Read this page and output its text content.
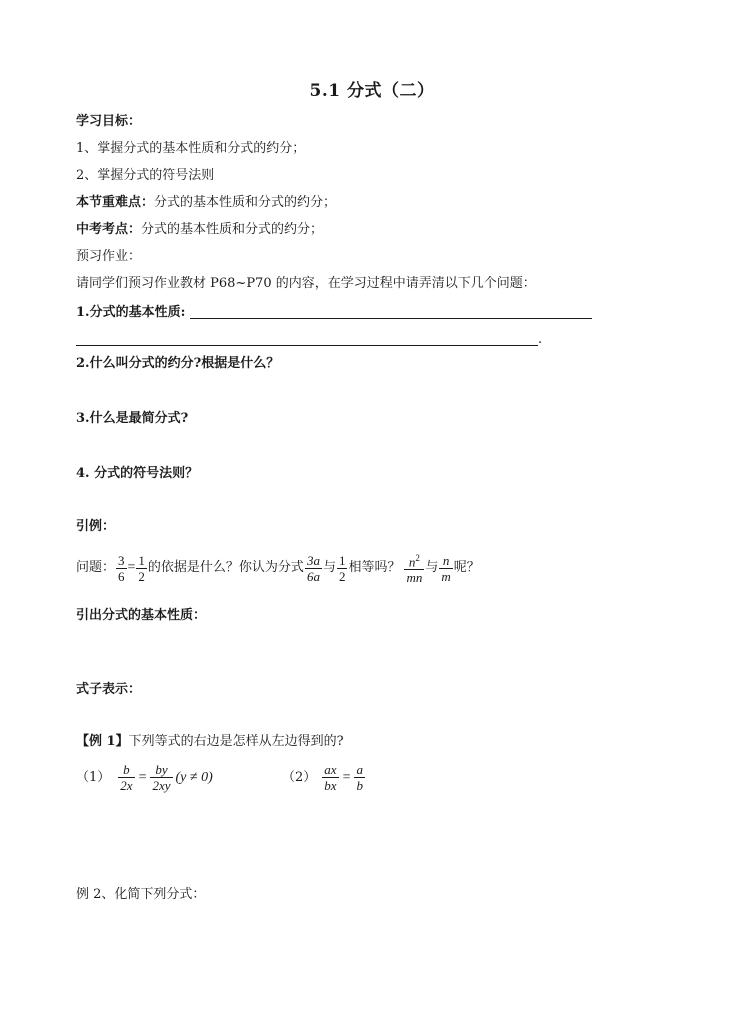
5.1 分式（二）
学习目标：
1、掌握分式的基本性质和分式的约分；
2、掌握分式的符号法则
本节重难点：分式的基本性质和分式的约分；
中考考点：分式的基本性质和分式的约分；
预习作业：
请同学们预习作业教材 P68~P70 的内容，在学习过程中请弄清以下几个问题：
1.分式的基本性质:
.
2.什么叫分式的约分?根据是什么？
3.什么是最简分式?
4. 分式的符号法则？
引例：
问题： $\frac{3}{6} = \frac{1}{2}$ 的依据是什么？你认为分式 $\frac{3a}{6a}$ 与 $\frac{1}{2}$ 相等吗？ $\frac{n^2}{mn}$ 与 $\frac{n}{m}$ 呢？
引出分式的基本性质：
式子表示：
【例 1】下列等式的右边是怎样从左边得到的?
$(1) \frac{b}{2x} = \frac{by}{2xy} (y \ne 0)$	$(2) \frac{ax}{bx} = \frac{a}{b}$
例 2、化简下列分式：
